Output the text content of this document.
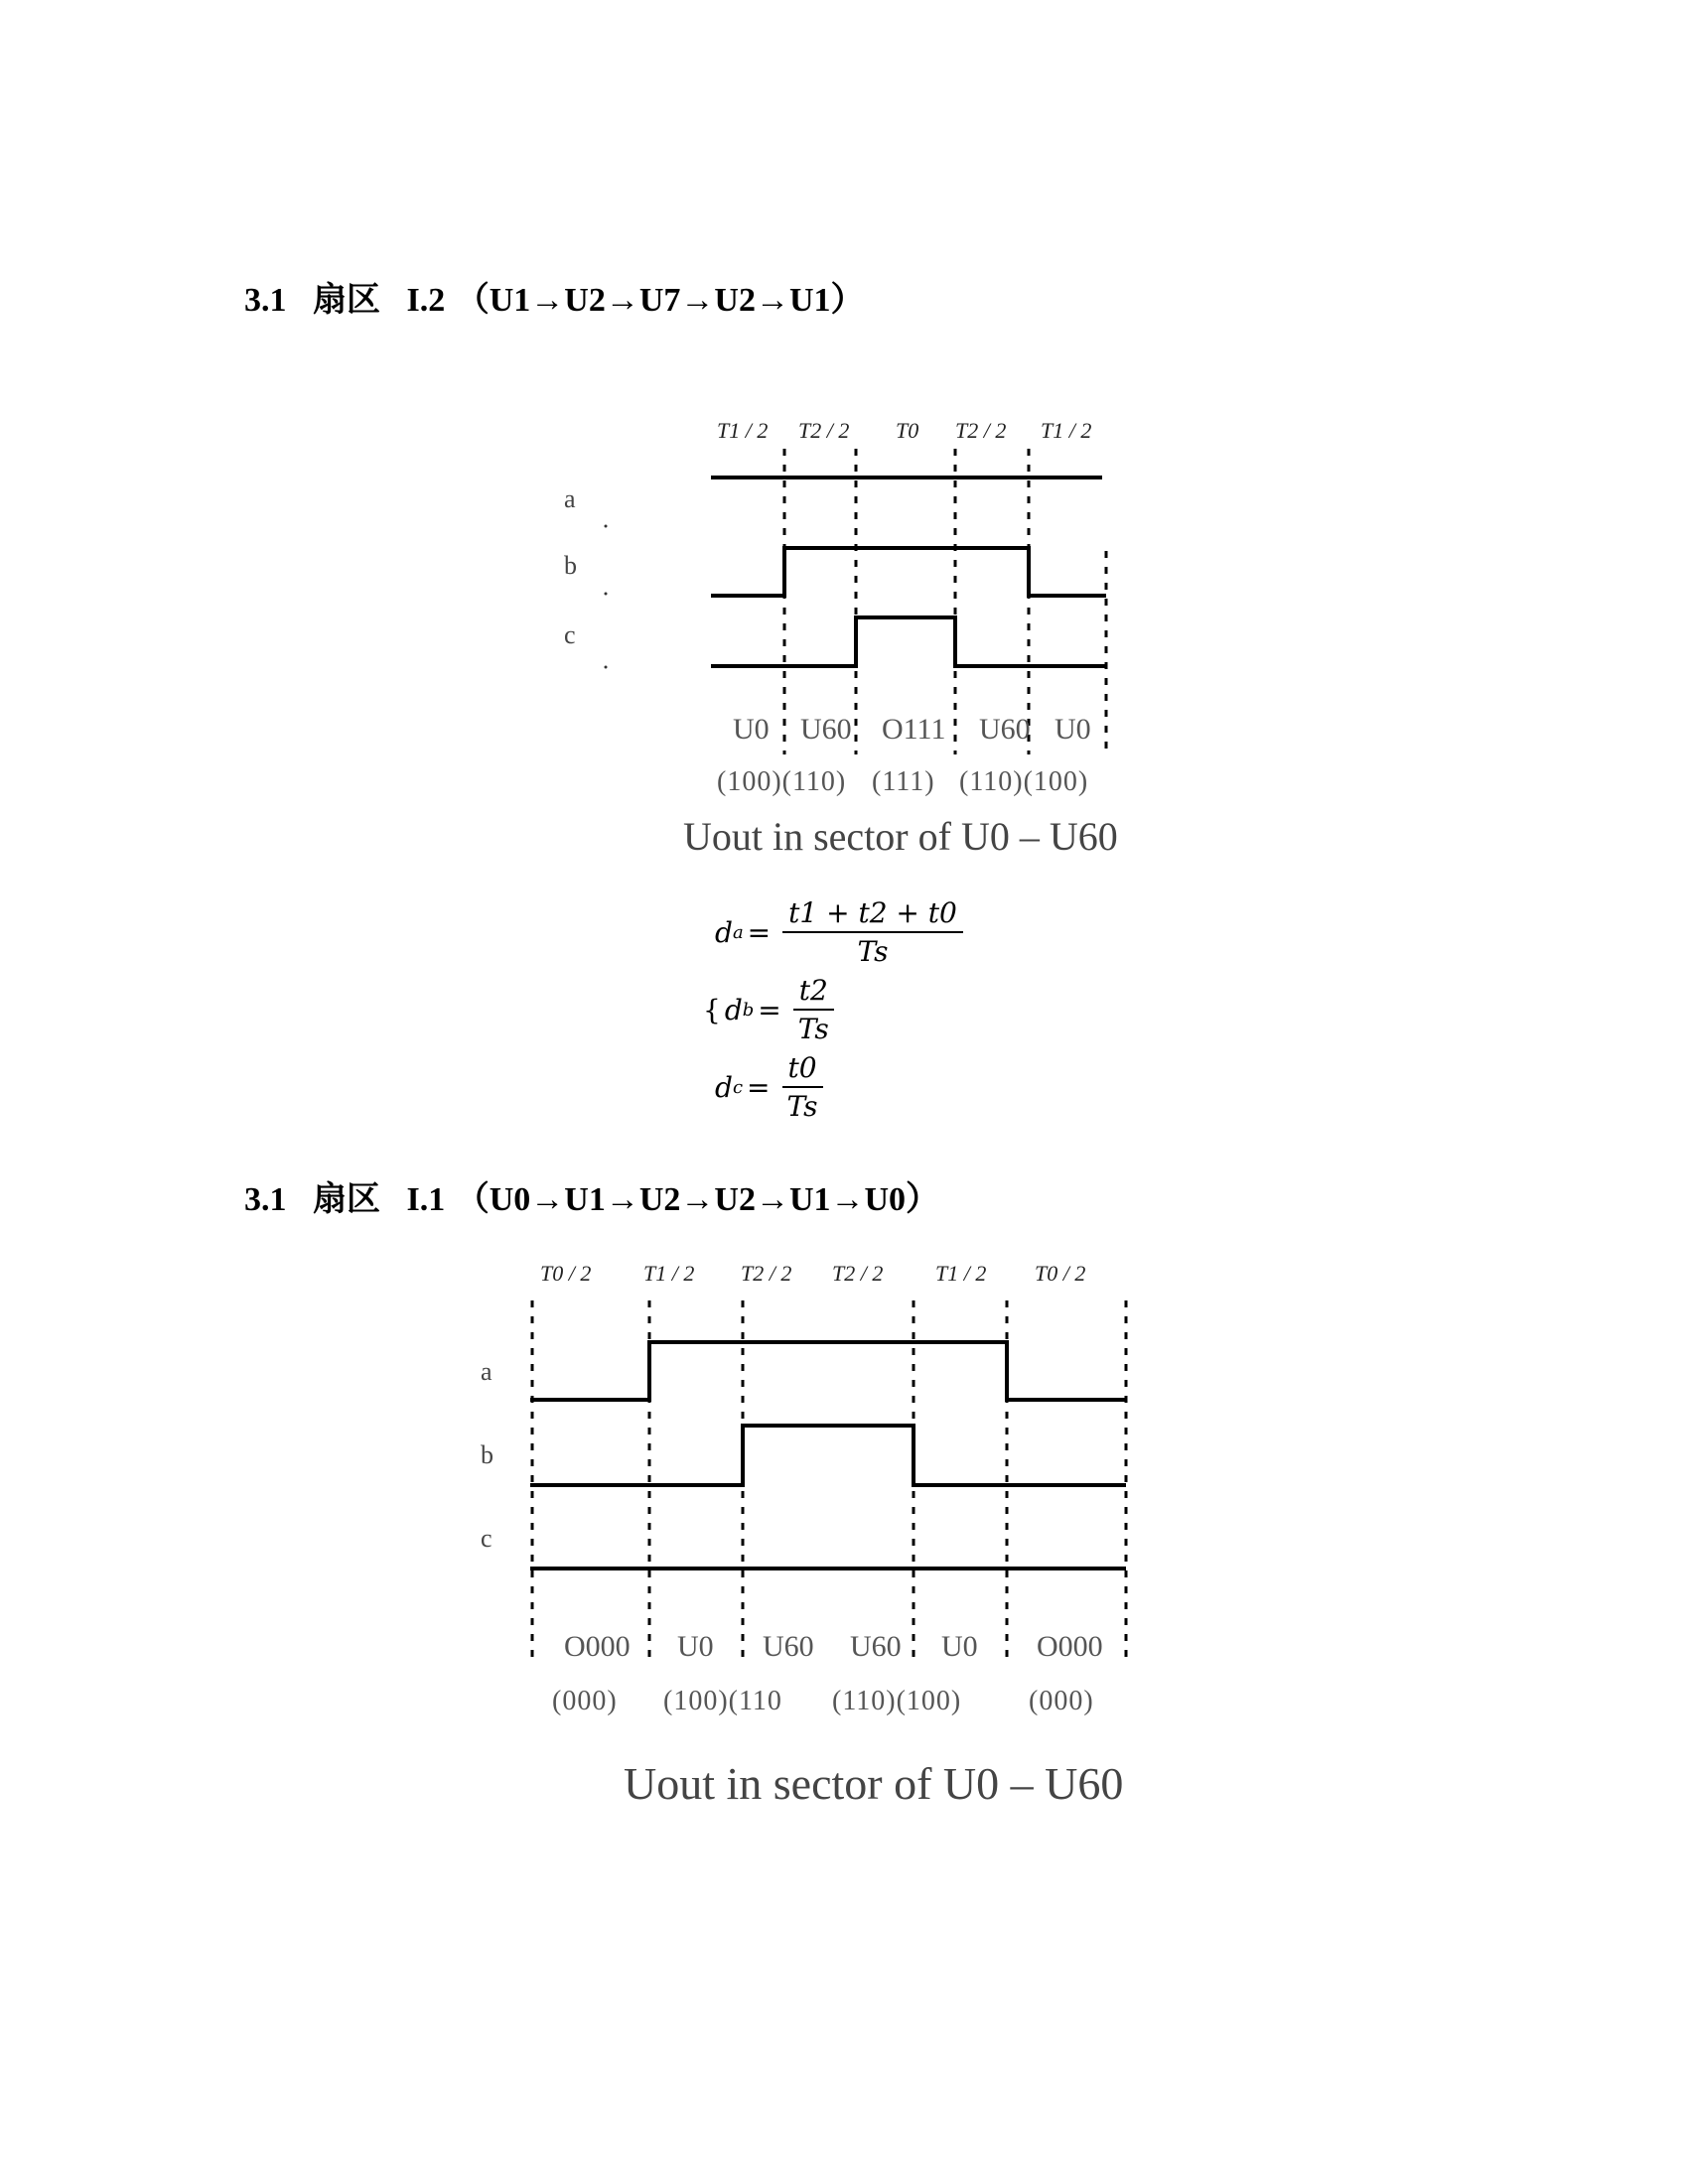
3.1 扇区 I.2 （U1→U2→U7→U2→U1）
T1 / 2 T2 / 2 T0 T2 / 2 T1 / 2
a
b
c
U0 U60 O111 U60 U0
(100)(110) (111) (110)(100)
Uout in sector of U0 – U60
d $a = \frac{t1 + t2 + t0}{Ts}$
{ d $b = \frac{t2}{Ts}$
d $c = \frac{t0}{Ts}$
3.1 扇区 I.1 （U0→U1→U2→U2→U1→U0）
T0 / 2 T1 / 2 T2 / 2 T2 / 2 T1 / 2 T0 / 2
a
b
c
O000 U0 U60 U60 U0 O000
(000) (100)(110 (110)(100) (000)
Uout in sector of U0 – U60
